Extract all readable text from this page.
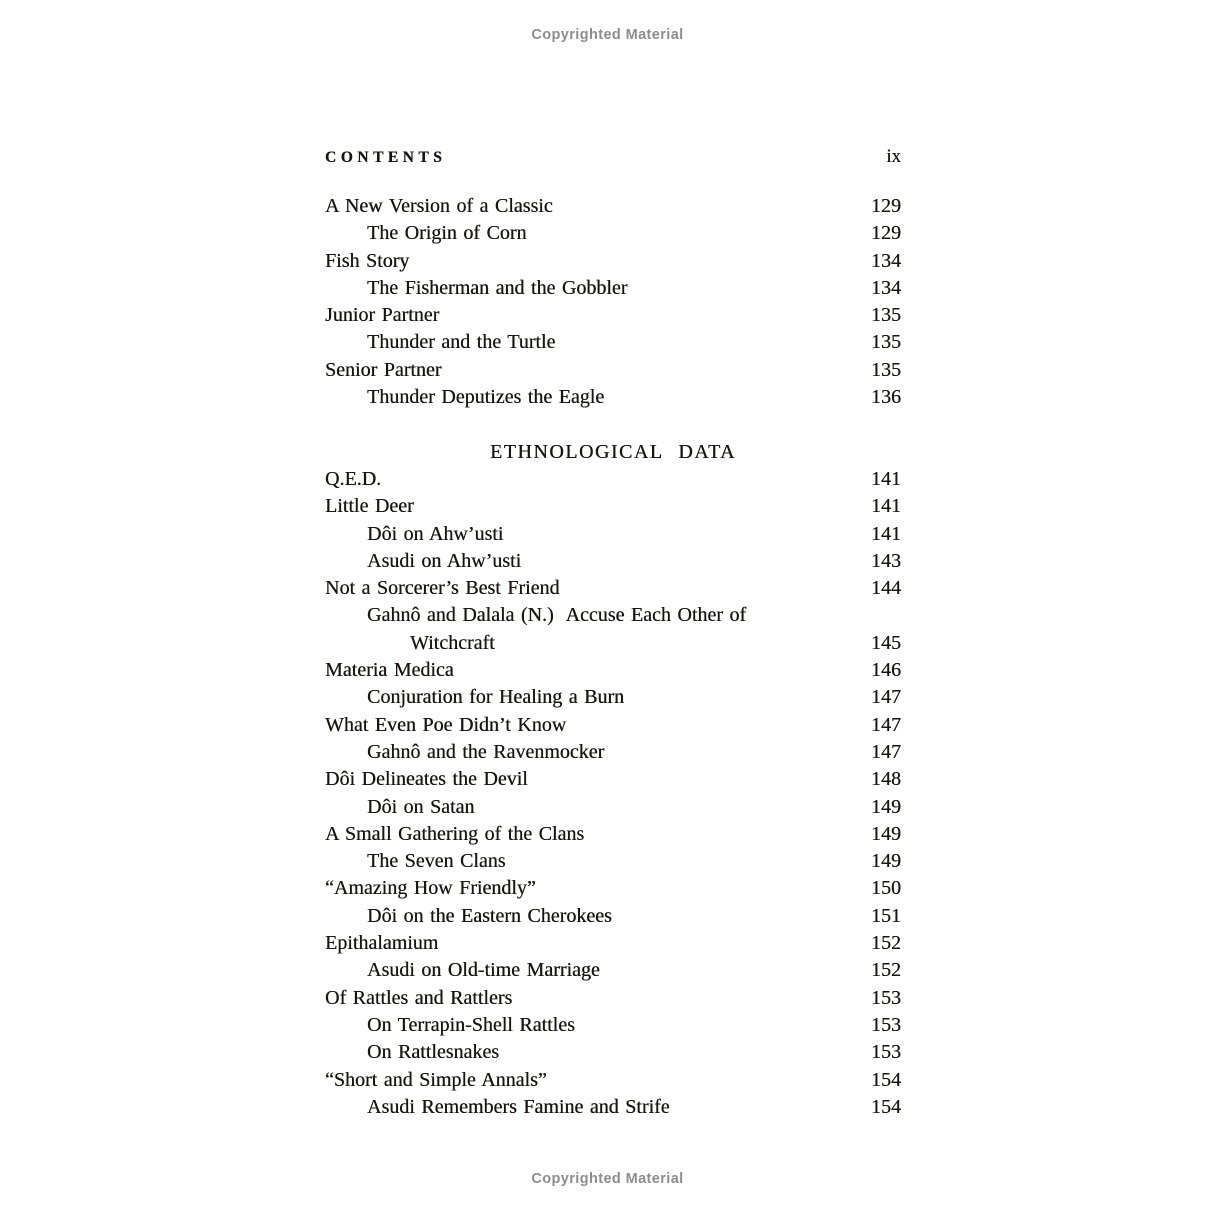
Copyrighted Material
CONTENTS	ix
A New Version of a Classic	129
The Origin of Corn	129
Fish Story	134
The Fisherman and the Gobbler	134
Junior Partner	135
Thunder and the Turtle	135
Senior Partner	135
Thunder Deputizes the Eagle	136
ETHNOLOGICAL DATA
Q.E.D.	141
Little Deer	141
Dôi on Ahw’usti	141
Asudi on Ahw’usti	143
Not a Sorcerer’s Best Friend	144
Gahnô and Dalala (N.)  Accuse Each Other of
Witchcraft	145
Materia Medica	146
Conjuration for Healing a Burn	147
What Even Poe Didn’t Know	147
Gahnô and the Ravenmocker	147
Dôi Delineates the Devil	148
Dôi on Satan	149
A Small Gathering of the Clans	149
The Seven Clans	149
“Amazing How Friendly”	150
Dôi on the Eastern Cherokees	151
Epithalamium	152
Asudi on Old-time Marriage	152
Of Rattles and Rattlers	153
On Terrapin-Shell Rattles	153
On Rattlesnakes	153
“Short and Simple Annals”	154
Asudi Remembers Famine and Strife	154
Copyrighted Material
